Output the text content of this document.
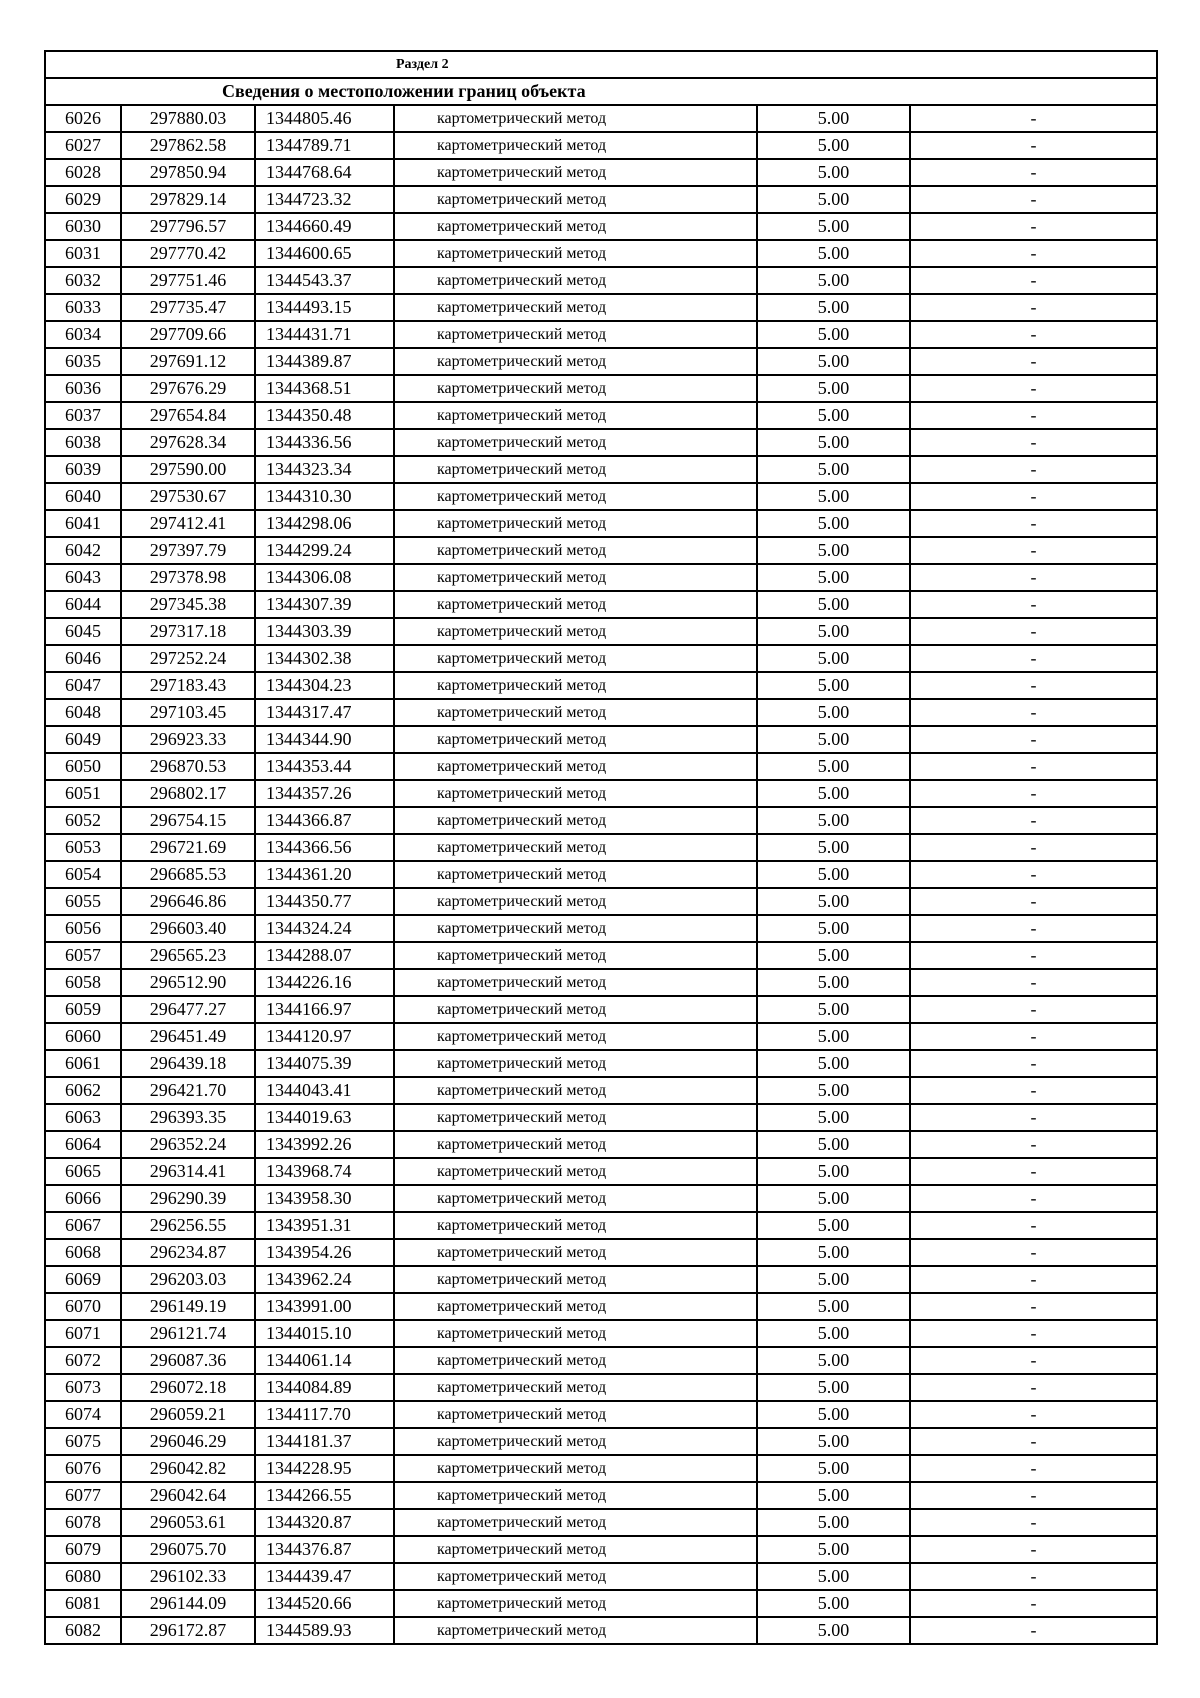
Раздел 2					
Сведения о местоположении границ объекта					
6026	297880.03	1344805.46	картометрический метод	5.00	-
6027	297862.58	1344789.71	картометрический метод	5.00	-
6028	297850.94	1344768.64	картометрический метод	5.00	-
6029	297829.14	1344723.32	картометрический метод	5.00	-
6030	297796.57	1344660.49	картометрический метод	5.00	-
6031	297770.42	1344600.65	картометрический метод	5.00	-
6032	297751.46	1344543.37	картометрический метод	5.00	-
6033	297735.47	1344493.15	картометрический метод	5.00	-
6034	297709.66	1344431.71	картометрический метод	5.00	-
6035	297691.12	1344389.87	картометрический метод	5.00	-
6036	297676.29	1344368.51	картометрический метод	5.00	-
6037	297654.84	1344350.48	картометрический метод	5.00	-
6038	297628.34	1344336.56	картометрический метод	5.00	-
6039	297590.00	1344323.34	картометрический метод	5.00	-
6040	297530.67	1344310.30	картометрический метод	5.00	-
6041	297412.41	1344298.06	картометрический метод	5.00	-
6042	297397.79	1344299.24	картометрический метод	5.00	-
6043	297378.98	1344306.08	картометрический метод	5.00	-
6044	297345.38	1344307.39	картометрический метод	5.00	-
6045	297317.18	1344303.39	картометрический метод	5.00	-
6046	297252.24	1344302.38	картометрический метод	5.00	-
6047	297183.43	1344304.23	картометрический метод	5.00	-
6048	297103.45	1344317.47	картометрический метод	5.00	-
6049	296923.33	1344344.90	картометрический метод	5.00	-
6050	296870.53	1344353.44	картометрический метод	5.00	-
6051	296802.17	1344357.26	картометрический метод	5.00	-
6052	296754.15	1344366.87	картометрический метод	5.00	-
6053	296721.69	1344366.56	картометрический метод	5.00	-
6054	296685.53	1344361.20	картометрический метод	5.00	-
6055	296646.86	1344350.77	картометрический метод	5.00	-
6056	296603.40	1344324.24	картометрический метод	5.00	-
6057	296565.23	1344288.07	картометрический метод	5.00	-
6058	296512.90	1344226.16	картометрический метод	5.00	-
6059	296477.27	1344166.97	картометрический метод	5.00	-
6060	296451.49	1344120.97	картометрический метод	5.00	-
6061	296439.18	1344075.39	картометрический метод	5.00	-
6062	296421.70	1344043.41	картометрический метод	5.00	-
6063	296393.35	1344019.63	картометрический метод	5.00	-
6064	296352.24	1343992.26	картометрический метод	5.00	-
6065	296314.41	1343968.74	картометрический метод	5.00	-
6066	296290.39	1343958.30	картометрический метод	5.00	-
6067	296256.55	1343951.31	картометрический метод	5.00	-
6068	296234.87	1343954.26	картометрический метод	5.00	-
6069	296203.03	1343962.24	картометрический метод	5.00	-
6070	296149.19	1343991.00	картометрический метод	5.00	-
6071	296121.74	1344015.10	картометрический метод	5.00	-
6072	296087.36	1344061.14	картометрический метод	5.00	-
6073	296072.18	1344084.89	картометрический метод	5.00	-
6074	296059.21	1344117.70	картометрический метод	5.00	-
6075	296046.29	1344181.37	картометрический метод	5.00	-
6076	296042.82	1344228.95	картометрический метод	5.00	-
6077	296042.64	1344266.55	картометрический метод	5.00	-
6078	296053.61	1344320.87	картометрический метод	5.00	-
6079	296075.70	1344376.87	картометрический метод	5.00	-
6080	296102.33	1344439.47	картометрический метод	5.00	-
6081	296144.09	1344520.66	картометрический метод	5.00	-
6082	296172.87	1344589.93	картометрический метод	5.00	-
